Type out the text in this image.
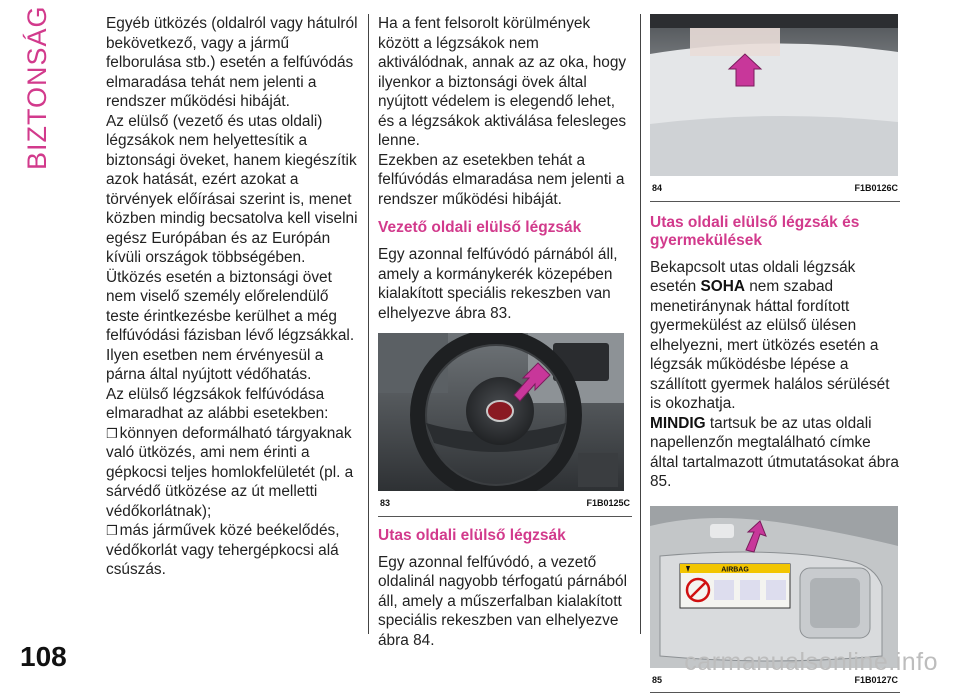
BIZTONSÁG	Egyéb ütközés (oldalról vagy hátulról bekövetkező, vagy a jármű felborulása stb.) esetén a felfúvódás elmaradása tehát nem jelenti a rendszer működési hibáját.

Az elülső (vezető és utas oldali) légzsákok nem helyettesítik a biztonsági öveket, hanem kiegészítik azok hatását, ezért azokat a törvények előírásai szerint is, menet közben mindig becsatolva kell viselni egész Európában és az Európán kívüli országok többségében.

Ütközés esetén a biztonsági övet nem viselő személy előrelendülő teste érintkezésbe kerülhet a még felfúvódási fázisban lévő légzsákkal. Ilyen esetben nem érvényesül a párna által nyújtott védőhatás.

Az elülső légzsákok felfúvódása elmaradhat az alábbi esetekben:

❒ könnyen deformálható tárgyaknak való ütközés, ami nem érinti a gépkocsi teljes homlokfelületét (pl. a sárvédő ütközése az út melletti védőkorlátnak);

❒ más járművek közé beékelődés, védőkorlát vagy tehergépkocsi alá csúszás.

Ha a fent felsorolt körülmények között a légzsákok nem aktiválódnak, annak az az oka, hogy ilyenkor a biztonsági övek által nyújtott védelem is elegendő lehet, és a légzsákok aktiválása felesleges lenne.

Ezekben az esetekben tehát a felfúvódás elmaradása nem jelenti a rendszer működési hibáját.

Vezető oldali elülső légzsák

Egy azonnal felfúvódó párnából áll, amely a kormánykerék közepében kialakított speciális rekeszben van elhelyezve ábra 83.

83	F1B0125C
Utas oldali elülső légzsák

Egy azonnal felfúvódó, a vezető oldalinál nagyobb térfogatú párnából áll, amely a műszerfalban kialakított speciális rekeszben van elhelyezve ábra 84.

84	F1B0126C
Utas oldali elülső légzsák és gyermekülések

Bekapcsolt utas oldali légzsák esetén SOHA nem szabad menetiránynak háttal fordított gyermekülést az elülső ülésen elhelyezni, mert ütközés esetén a légzsák működésbe lépése a szállított gyermek halálos sérülését is okozhatja.

MINDIG tartsuk be az utas oldali napellenzőn megtalálható címke által tartalmazott útmutatásokat ábra 85.

AIRBAG
85	F1B0127C
108	carmanualsonline.info
